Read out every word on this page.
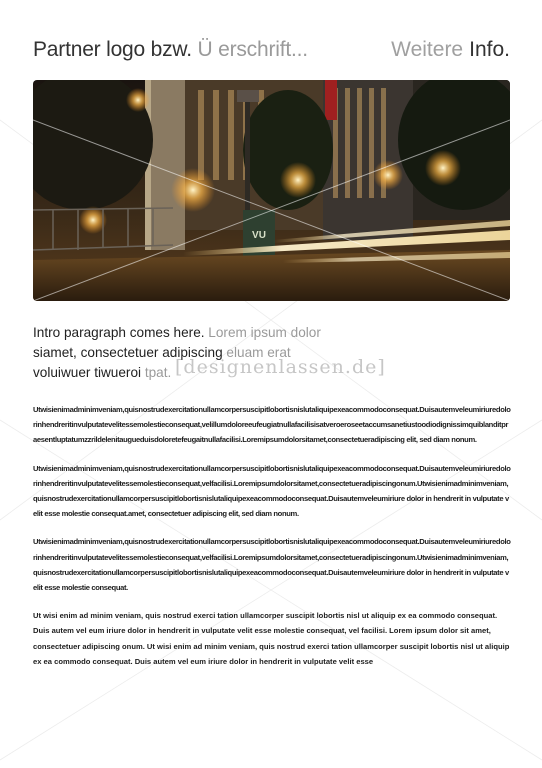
Partner logo bzw. Ü erschrift...	Weitere Info.
VU
Intro paragraph comes here. Lorem ipsum dolor
siamet, consectetuer adipiscing eluam erat
voluiwuer tiwueroi tpat. [designenlassen.de]

Utwisienimadminimveniam,quisnostrudexercitationullamcorpersuscipitlobortisnislutaliquipexeacommodoconsequat.Duisautemveleumiriuredolorinhendreritinvulputatevelitessemolestieconsequat,velillumdoloreeufeugiatnullafacilisisatveroeroseetaccumsanetiustoodiodignissimquiblanditpraesentluptatumzzrildelenitaugueduisdoloretefeugaitnullafacilisi.Loremipsumdolorsitamet,consectetueradipiscing elit, sed diam nonum.

Utwisienimadminimveniam,quisnostrudexercitationullamcorpersuscipitlobortisnislutaliquipexeacommodoconsequat.Duisautemveleumiriuredolorinhendreritinvulputatevelitessemolestieconsequat,velfacilisi.Loremipsumdolorsitamet,consectetueradipiscingonum.Utwisienimadminimveniam,quisnostrudexercitationullamcorpersuscipitlobortisnislutaliquipexeacommodoconsequat.Duisautemveleumiriure dolor in hendrerit in vulputate velit esse molestie consequat.amet, consectetuer adipiscing elit, sed diam nonum.

Utwisienimadminimveniam,quisnostrudexercitationullamcorpersuscipitlobortisnislutaliquipexeacommodoconsequat.Duisautemveleumiriuredolorinhendreritinvulputatevelitessemolestieconsequat,velfacilisi.Loremipsumdolorsitamet,consectetueradipiscingonum.Utwisienimadminimveniam,quisnostrudexercitationullamcorpersuscipitlobortisnislutaliquipexeacommodoconsequat.Duisautemveleumiriure dolor in hendrerit in vulputate velit esse molestie consequat.

Ut wisi enim ad minim veniam, quis nostrud exerci tation ullamcorper suscipit lobortis nisl ut aliquip ex ea commodo consequat. Duis autem vel eum iriure dolor in hendrerit in vulputate velit esse molestie consequat, vel facilisi. Lorem ipsum dolor sit amet, consectetuer adipiscing onum. Ut wisi enim ad minim veniam, quis nostrud exerci tation ullamcorper suscipit lobortis nisl ut aliquip ex ea commodo consequat. Duis autem vel eum iriure dolor in hendrerit in vulputate velit esse
